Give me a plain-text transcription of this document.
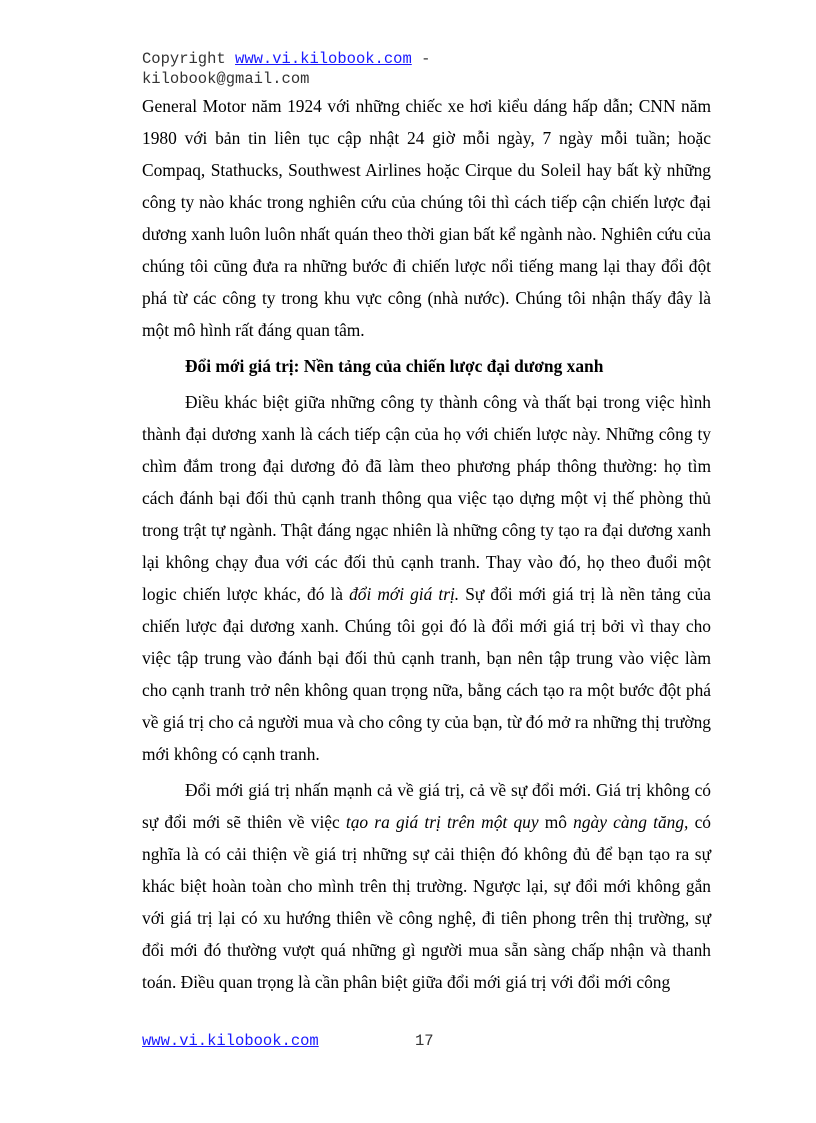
Copyright www.vi.kilobook.com -
kilobook@gmail.com

General Motor năm 1924 với những chiếc xe hơi kiểu dáng hấp dẫn; CNN năm 1980 với bản tin liên tục cập nhật 24 giờ mỗi ngày, 7 ngày mỗi tuần; hoặc Compaq, Stathucks, Southwest Airlines hoặc Cirque du Soleil hay bất kỳ những công ty nào khác trong nghiên cứu của chúng tôi thì cách tiếp cận chiến lược đại dương xanh luôn luôn nhất quán theo thời gian bất kể ngành nào. Nghiên cứu của chúng tôi cũng đưa ra những bước đi chiến lược nổi tiếng mang lại thay đổi đột phá từ các công ty trong khu vực công (nhà nước). Chúng tôi nhận thấy đây là một mô hình rất đáng quan tâm.

Đổi mới giá trị: Nền tảng của chiến lược đại dương xanh

Điều khác biệt giữa những công ty thành công và thất bại trong việc hình thành đại dương xanh là cách tiếp cận của họ với chiến lược này. Những công ty chìm đắm trong đại dương đỏ đã làm theo phương pháp thông thường: họ tìm cách đánh bại đối thủ cạnh tranh thông qua việc tạo dựng một vị thế phòng thủ trong trật tự ngành. Thật đáng ngạc nhiên là những công ty tạo ra đại dương xanh lại không chạy đua với các đối thủ cạnh tranh. Thay vào đó, họ theo đuổi một logic chiến lược khác, đó là đổi mới giá trị. Sự đổi mới giá trị là nền tảng của chiến lược đại dương xanh. Chúng tôi gọi đó là đổi mới giá trị bởi vì thay cho việc tập trung vào đánh bại đối thủ cạnh tranh, bạn nên tập trung vào việc làm cho cạnh tranh trở nên không quan trọng nữa, bằng cách tạo ra một bước đột phá về giá trị cho cả người mua và cho công ty của bạn, từ đó mở ra những thị trường mới không có cạnh tranh.

Đổi mới giá trị nhấn mạnh cả về giá trị, cả về sự đổi mới. Giá trị không có sự đổi mới sẽ thiên về việc tạo ra giá trị trên một quy mô ngày càng tăng, có nghĩa là có cải thiện về giá trị những sự cải thiện đó không đủ để bạn tạo ra sự khác biệt hoàn toàn cho mình trên thị trường. Ngược lại, sự đổi mới không gắn với giá trị lại có xu hướng thiên về công nghệ, đi tiên phong trên thị trường, sự đổi mới đó thường vượt quá những gì người mua sẵn sàng chấp nhận và thanh toán. Điều quan trọng là cần phân biệt giữa đổi mới giá trị với đổi mới công

www.vi.kilobook.com	17
